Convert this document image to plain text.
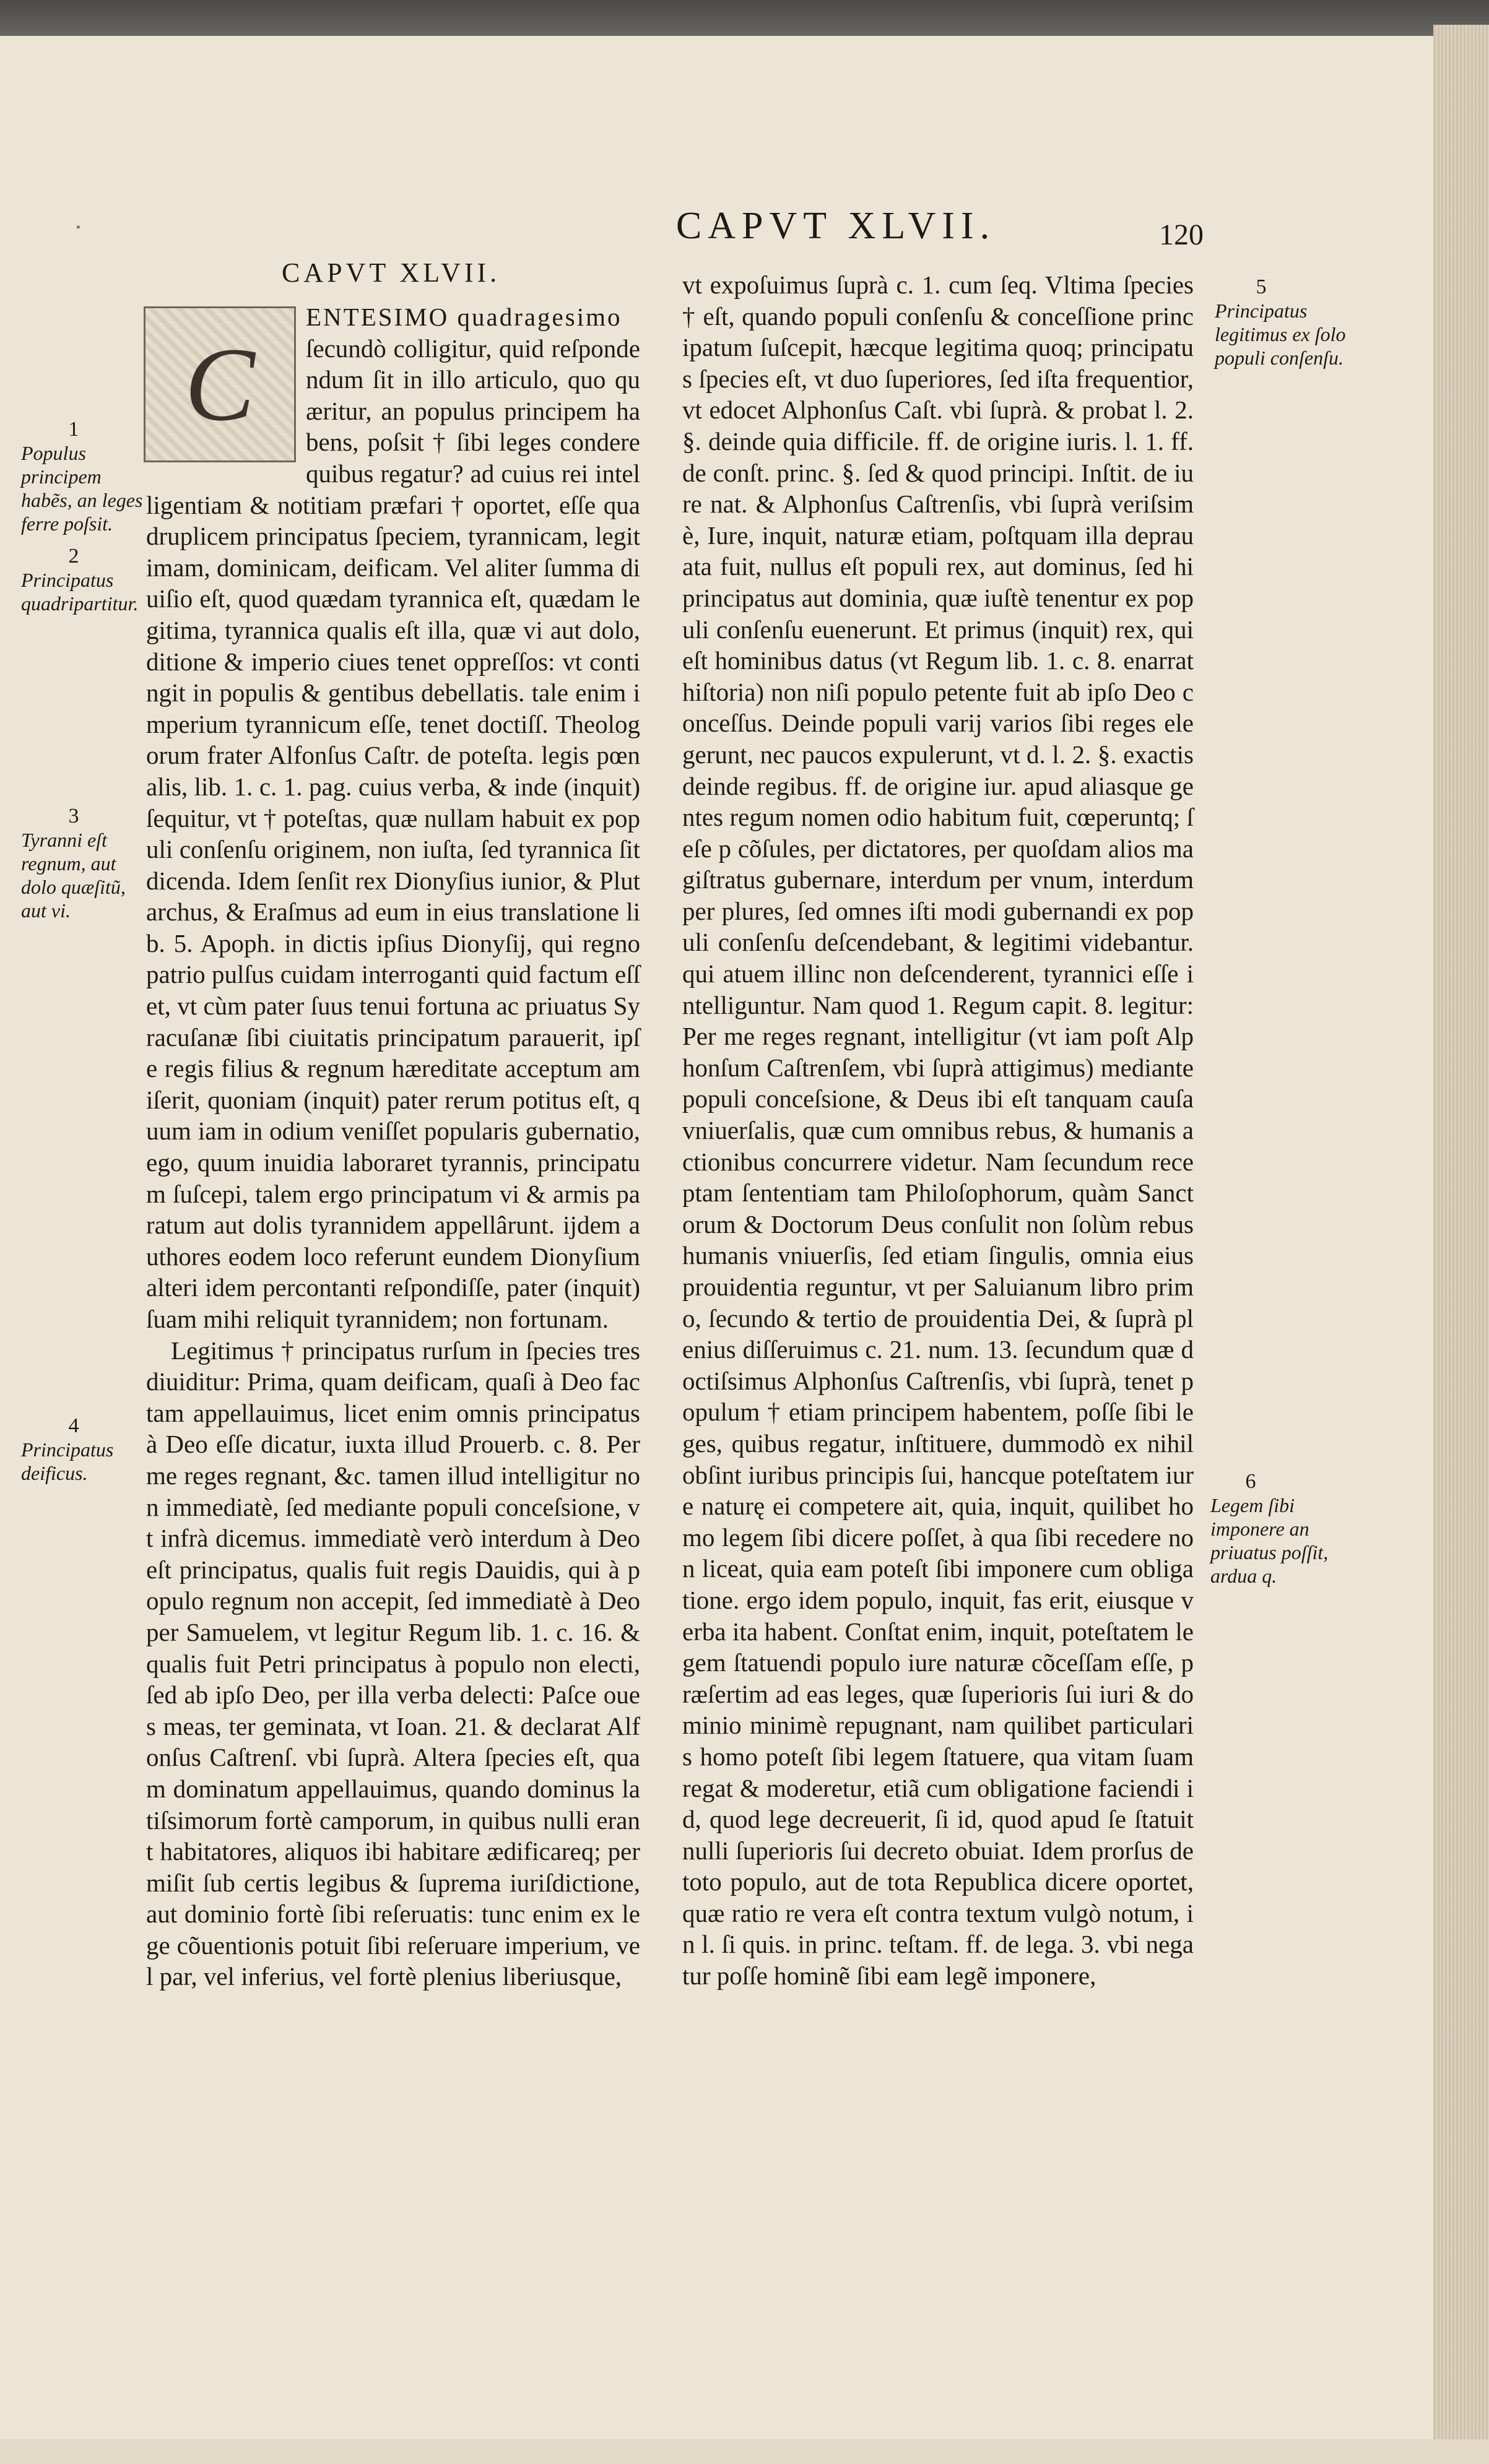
·	CAPVT XLVII.	120
CAPVT XLVII.
C

ENTESIMO quadragesimo

ſecundò colligitur, quid reſpondendum ſit in illo articulo, quo quæritur, an populus principem habens, poſsit † ſibi leges condere quibus regatur? ad cuius rei intelligentiam & notitiam præfari † oportet, eſſe quadruplicem principatus ſpeciem, tyrannicam, legitimam, dominicam, deificam. Vel aliter ſumma diuiſio eſt, quod quædam tyrannica eſt, quædam legitima, tyrannica qualis eſt illa, quæ vi aut dolo, ditione & imperio ciues tenet oppreſſos: vt contingit in populis & gentibus debellatis. tale enim imperium tyrannicum eſſe, tenet doctiſſ. Theologorum frater Alfonſus Caſtr. de poteſta. legis pœnalis, lib. 1. c. 1. pag. cuius verba, & inde (inquit) ſequitur, vt † poteſtas, quæ nullam habuit ex populi conſenſu originem, non iuſta, ſed tyrannica ſit dicenda. Idem ſenſit rex Dionyſius iunior, & Plutarchus, & Eraſmus ad eum in eius translatione lib. 5. Apoph. in dictis ipſius Dionyſij, qui regno patrio pulſus cuidam interroganti quid factum eſſet, vt cùm pater ſuus tenui fortuna ac priuatus Syracuſanæ ſibi ciuitatis principatum parauerit, ipſe regis filius & regnum hæreditate acceptum amiſerit, quoniam (inquit) pater rerum potitus eſt, quum iam in odium veniſſet popularis gubernatio, ego, quum inuidia laboraret tyrannis, principatum ſuſcepi, talem ergo principatum vi & armis paratum aut dolis tyrannidem appellârunt. ijdem authores eodem loco referunt eundem Dionyſium alteri idem percontanti reſpondiſſe, pater (inquit) ſuam mihi reliquit tyrannidem; non fortunam.

Legitimus † principatus rurſum in ſpecies tres diuiditur: Prima, quam deificam, quaſi à Deo factam appellauimus, licet enim omnis principatus à Deo eſſe dicatur, iuxta illud Prouerb. c. 8. Per me reges regnant, &c. tamen illud intelligitur non immediatè, ſed mediante populi conceſsione, vt infrà dicemus. immediatè verò interdum à Deo eſt principatus, qualis fuit regis Dauidis, qui à populo regnum non accepit, ſed immediatè à Deo per Samuelem, vt legitur Regum lib. 1. c. 16. & qualis fuit Petri principatus à populo non electi, ſed ab ipſo Deo, per illa verba delecti: Paſce oues meas, ter geminata, vt Ioan. 21. & declarat Alfonſus Caſtrenſ. vbi ſuprà. Altera ſpecies eſt, quam dominatum appellauimus, quando dominus latiſsimorum fortè camporum, in quibus nulli erant habitatores, aliquos ibi habitare ædificareq; permiſit ſub certis legibus & ſuprema iuriſdictione, aut dominio fortè ſibi reſeruatis: tunc enim ex lege cõuentionis potuit ſibi reſeruare imperium, vel par, vel inferius, vel fortè plenius liberiusque,

vt expoſuimus ſuprà c. 1. cum ſeq. Vltima ſpecies † eſt, quando populi conſenſu & conceſſione principatum ſuſcepit, hæcque legitima quoq; principatus ſpecies eſt, vt duo ſuperiores, ſed iſta frequentior, vt edocet Alphonſus Caſt. vbi ſuprà. & probat l. 2. §. deinde quia difficile. ff. de origine iuris. l. 1. ff. de conſt. princ. §. ſed & quod principi. Inſtit. de iure nat. & Alphonſus Caſtrenſis, vbi ſuprà veriſsimè, Iure, inquit, naturæ etiam, poſtquam illa deprauata fuit, nullus eſt populi rex, aut dominus, ſed hi principatus aut dominia, quæ iuſtè tenentur ex populi conſenſu euenerunt. Et primus (inquit) rex, qui eſt hominibus datus (vt Regum lib. 1. c. 8. enarrat hiſtoria) non niſi populo petente fuit ab ipſo Deo conceſſus. Deinde populi varij varios ſibi reges elegerunt, nec paucos expulerunt, vt d. l. 2. §. exactis deinde regibus. ff. de origine iur. apud aliasque gentes regum nomen odio habitum fuit, cœperuntq; ſeſe p cõſules, per dictatores, per quoſdam alios magiſtratus gubernare, interdum per vnum, interdum per plures, ſed omnes iſti modi gubernandi ex populi conſenſu deſcendebant, & legitimi videbantur. qui atuem illinc non deſcenderent, tyrannici eſſe intelliguntur. Nam quod 1. Regum capit. 8. legitur: Per me reges regnant, intelligitur (vt iam poſt Alphonſum Caſtrenſem, vbi ſuprà attigimus) mediante populi conceſsione, & Deus ibi eſt tanquam cauſa vniuerſalis, quæ cum omnibus rebus, & humanis actionibus concurrere videtur. Nam ſecundum receptam ſententiam tam Philoſophorum, quàm Sanctorum & Doctorum Deus conſulit non ſolùm rebus humanis vniuerſis, ſed etiam ſingulis, omnia eius prouidentia reguntur, vt per Saluianum libro primo, ſecundo & tertio de prouidentia Dei, & ſuprà plenius diſſeruimus c. 21. num. 13. ſecundum quæ doctiſsimus Alphonſus Caſtrenſis, vbi ſuprà, tenet populum † etiam principem habentem, poſſe ſibi leges, quibus regatur, inſtituere, dummodò ex nihil obſint iuribus principis ſui, hancque poteſtatem iure naturę ei competere ait, quia, inquit, quilibet homo legem ſibi dicere poſſet, à qua ſibi recedere non liceat, quia eam poteſt ſibi imponere cum obligatione. ergo idem populo, inquit, fas erit, eiusque verba ita habent. Conſtat enim, inquit, poteſtatem legem ſtatuendi populo iure naturæ cõceſſam eſſe, præſertim ad eas leges, quæ ſuperioris ſui iuri & dominio minimè repugnant, nam quilibet particularis homo poteſt ſibi legem ſtatuere, qua vitam ſuam regat & moderetur, etiã cum obligatione faciendi id, quod lege decreuerit, ſi id, quod apud ſe ſtatuit nulli ſuperioris ſui decreto obuiat. Idem prorſus de toto populo, aut de tota Republica dicere oportet, quæ ratio re vera eſt contra textum vulgò notum, in l. ſi quis. in princ. teſtam. ff. de lega. 3. vbi negatur poſſe hominẽ ſibi eam legẽ imponere,

1
Populus principem habẽs, an leges ferre poſsit.
2
Principatus quadripartitur.
3
Tyranni eſt regnum, aut dolo quæſitũ, aut vi.
4
Principatus deificus.
5
Principatus legitimus ex ſolo populi conſenſu.
6
Legem ſibi imponere an priuatus poſſit, ardua q.
